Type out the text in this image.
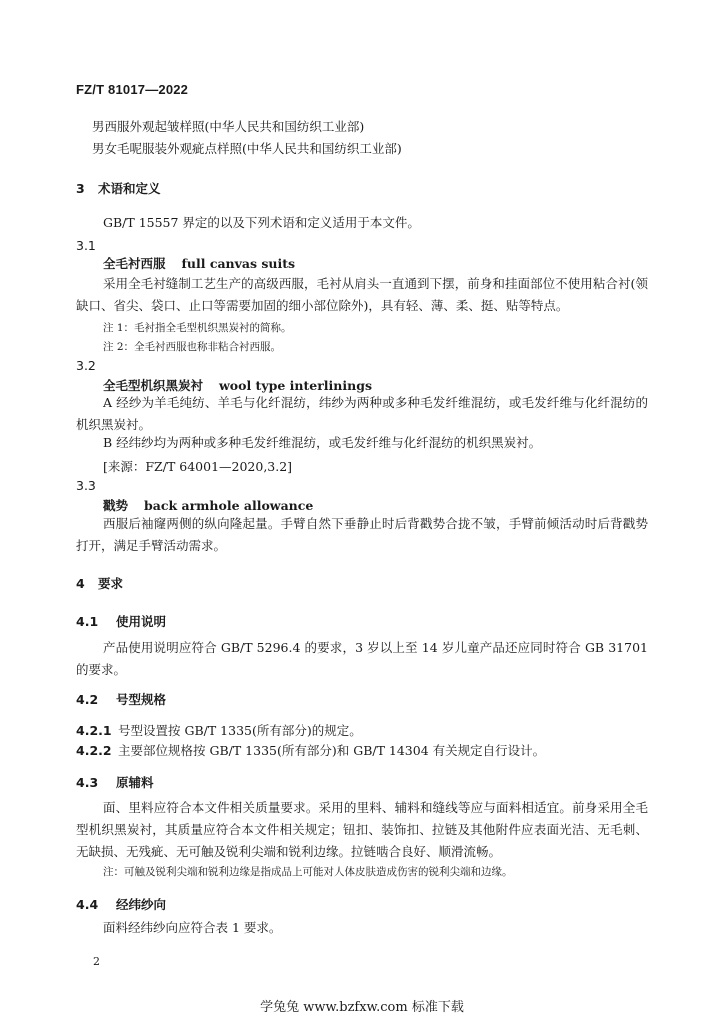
FZ/T 81017—2022
男西服外观起皱样照(中华人民共和国纺织工业部)
男女毛呢服装外观疵点样照(中华人民共和国纺织工业部)
3 术语和定义
GB/T 15557 界定的以及下列术语和定义适用于本文件。
3.1
全毛衬西服 full canvas suits
采用全毛衬缝制工艺生产的高级西服，毛衬从肩头一直通到下摆，前身和挂面部位不使用粘合衬(领缺口、省尖、袋口、止口等需要加固的细小部位除外)，具有轻、薄、柔、挺、贴等特点。
注 1：毛衬指全毛型机织黑炭衬的简称。
注 2：全毛衬西服也称非粘合衬西服。
3.2
全毛型机织黑炭衬 wool type interlinings
A 经纱为羊毛纯纺、羊毛与化纤混纺，纬纱为两种或多种毛发纤维混纺，或毛发纤维与化纤混纺的机织黑炭衬。
B 经纬纱均为两种或多种毛发纤维混纺，或毛发纤维与化纤混纺的机织黑炭衬。
[来源：FZ/T 64001—2020,3.2]
3.3
戳势 back armhole allowance
西服后袖窿两侧的纵向隆起量。手臂自然下垂静止时后背戳势合拢不皱，手臂前倾活动时后背戳势打开，满足手臂活动需求。
4 要求
4.1 使用说明
产品使用说明应符合 GB/T 5296.4 的要求，3 岁以上至 14 岁儿童产品还应同时符合 GB 31701 的要求。
4.2 号型规格
4.2.1 号型设置按 GB/T 1335(所有部分)的规定。
4.2.2 主要部位规格按 GB/T 1335(所有部分)和 GB/T 14304 有关规定自行设计。
4.3 原辅料
面、里料应符合本文件相关质量要求。采用的里料、辅料和缝线等应与面料相适宜。前身采用全毛型机织黑炭衬，其质量应符合本文件相关规定；钮扣、装饰扣、拉链及其他附件应表面光洁、无毛刺、无缺损、无残疵、无可触及锐利尖端和锐利边缘。拉链啮合良好、顺滑流畅。
注：可触及锐利尖端和锐利边缘是指成品上可能对人体皮肤造成伤害的锐利尖端和边缘。
4.4 经纬纱向
面料经纬纱向应符合表 1 要求。
2
学兔兔 www.bzfxw.com 标准下载
